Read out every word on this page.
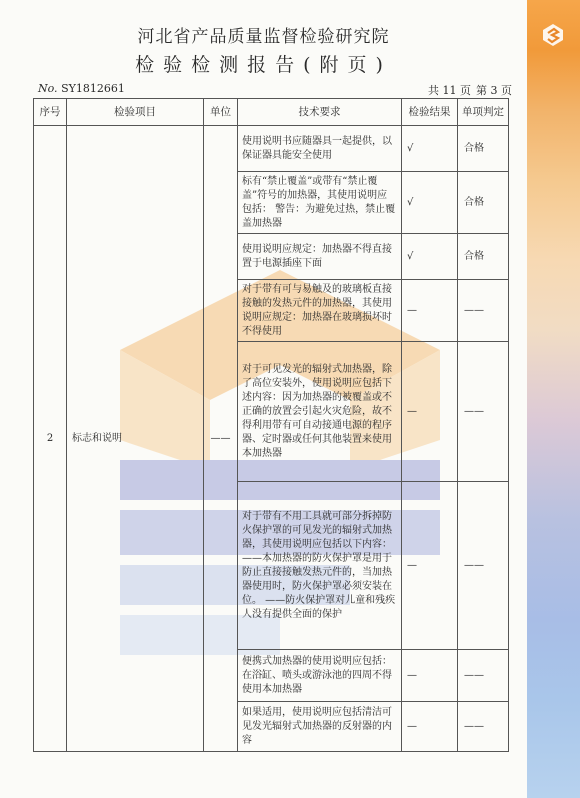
河北省产品质量监督检验研究院
检验检测报告(附页)
No. SY1812661	共 11 页 第 3 页
序号	检验项目	单位	技术要求	检验结果	单项判定
2	标志和说明	——	使用说明书应随器具一起提供，以保证器具能安全使用	√	合格
			标有“禁止覆盖”或带有“禁止覆盖”符号的加热器，其使用说明应包括： 警告：为避免过热，禁止覆盖加热器	√	合格
			使用说明应规定：加热器不得直接置于电源插座下面	√	合格
			对于带有可与易触及的玻璃板直接接触的发热元件的加热器，其使用说明应规定：加热器在玻璃损坏时不得使用	—	——
			对于可见发光的辐射式加热器，除了高位安装外，使用说明应包括下述内容：因为加热器的被覆盖或不正确的放置会引起火灾危险，故不得利用带有可自动接通电源的程序器、定时器或任何其他装置来使用本加热器	—	——
			对于带有不用工具就可部分拆掉防火保护罩的可见发光的辐射式加热器，其使用说明应包括以下内容： ——本加热器的防火保护罩是用于防止直接接触发热元件的，当加热器使用时，防火保护罩必须安装在位。 ——防火保护罩对儿童和残疾人没有提供全面的保护	—	——
			便携式加热器的使用说明应包括：在浴缸、喷头或游泳池的四周不得使用本加热器	—	——
			如果适用，使用说明应包括清洁可见发光辐射式加热器的反射器的内容	—	——
